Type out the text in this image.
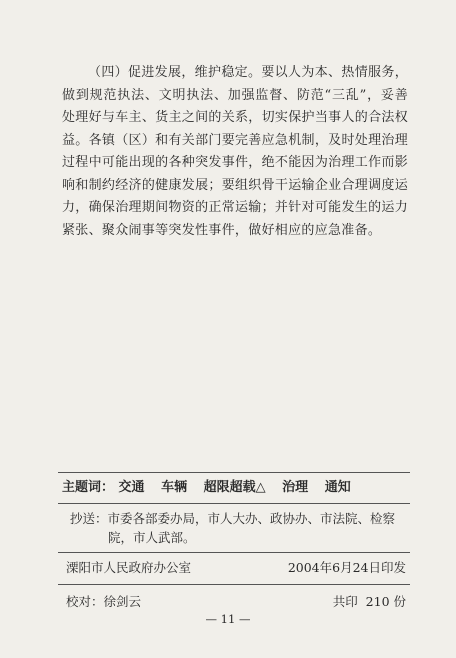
（四）促进发展，维护稳定。要以人为本、热情服务，做到规范执法、文明执法、加强监督、防范“三乱”，妥善处理好与车主、货主之间的关系，切实保护当事人的合法权益。各镇（区）和有关部门要完善应急机制，及时处理治理过程中可能出现的各种突发事件，绝不能因为治理工作而影响和制约经济的健康发展；要组织骨干运输企业合理调度运力，确保治理期间物资的正常运输；并针对可能发生的运力紧张、聚众闹事等突发性事件，做好相应的应急准备。

主题词： 交通 车辆 超限超载△ 治理 通知
抄送：市委各部委办局，市人大办、政协办、市法院、检察
院，市人武部。
溧阳市人民政府办公室	2004年6月24日印发
校对：徐剑云	共印  210 份
— 11 —
